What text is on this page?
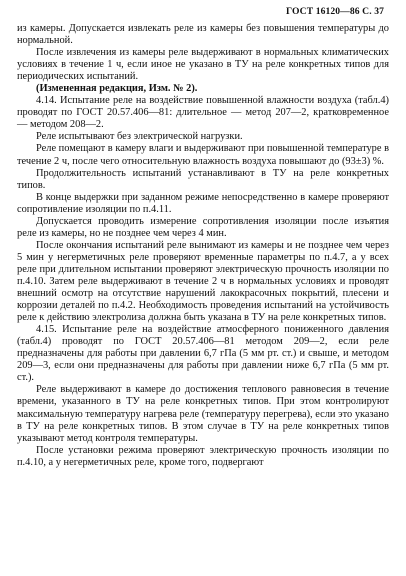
ГОСТ 16120—86 С. 37

из камеры. Допускается извлекать реле из камеры без повышения температуры до нормальной.

После извлечения из камеры реле выдерживают в нормальных климатических условиях в течение 1 ч, если иное не указано в ТУ на реле конкретных типов для периодических испытаний.

(Измененная редакция, Изм. № 2).

4.14. Испытание реле на воздействие повышенной влажности воздуха (табл.4) проводят по ГОСТ 20.57.406—81: длительное — метод 207—2, кратковременное — методом 208—2.

Реле испытывают без электрической нагрузки.

Реле помещают в камеру влаги и выдерживают при повышенной температуре в течение 2 ч, после чего относительную влажность воздуха повышают до (93±3) %.

Продолжительность испытаний устанавливают в ТУ на реле конкретных типов.

В конце выдержки при заданном режиме непосредственно в камере проверяют сопротивление изоляции по п.4.11.

Допускается проводить измерение сопротивления изоляции после изъятия реле из камеры, но не позднее чем через 4 мин.

После окончания испытаний реле вынимают из камеры и не позднее чем через 5 мин у негерметичных реле проверяют временные параметры по п.4.7, а у всех реле при длительном испытании проверяют электрическую прочность изоляции по п.4.10. Затем реле выдерживают в течение 2 ч в нормальных условиях и проводят внешний осмотр на отсутствие нарушений лакокрасочных покрытий, плесени и коррозии деталей по п.4.2. Необходимость проведения испытаний на устойчивость реле к действию электролиза должна быть указана в ТУ на реле конкретных типов.

4.15. Испытание реле на воздействие атмосферного пониженного давления (табл.4) проводят по ГОСТ 20.57.406—81 методом 209—2, если реле предназначены для работы при давлении 6,7 гПа (5 мм рт. ст.) и свыше, и методом 209—3, если они предназначены для работы при давлении ниже 6,7 гПа (5 мм рт. ст.).

Реле выдерживают в камере до достижения теплового равновесия в течение времени, указанного в ТУ на реле конкретных типов. При этом контролируют максимальную температуру нагрева реле (температуру перегрева), если это указано в ТУ на реле конкретных типов. В этом случае в ТУ на реле конкретных типов указывают метод контроля температуры.

После установки режима проверяют электрическую прочность изоляции по п.4.10, а у негерметичных реле, кроме того, подвергают
